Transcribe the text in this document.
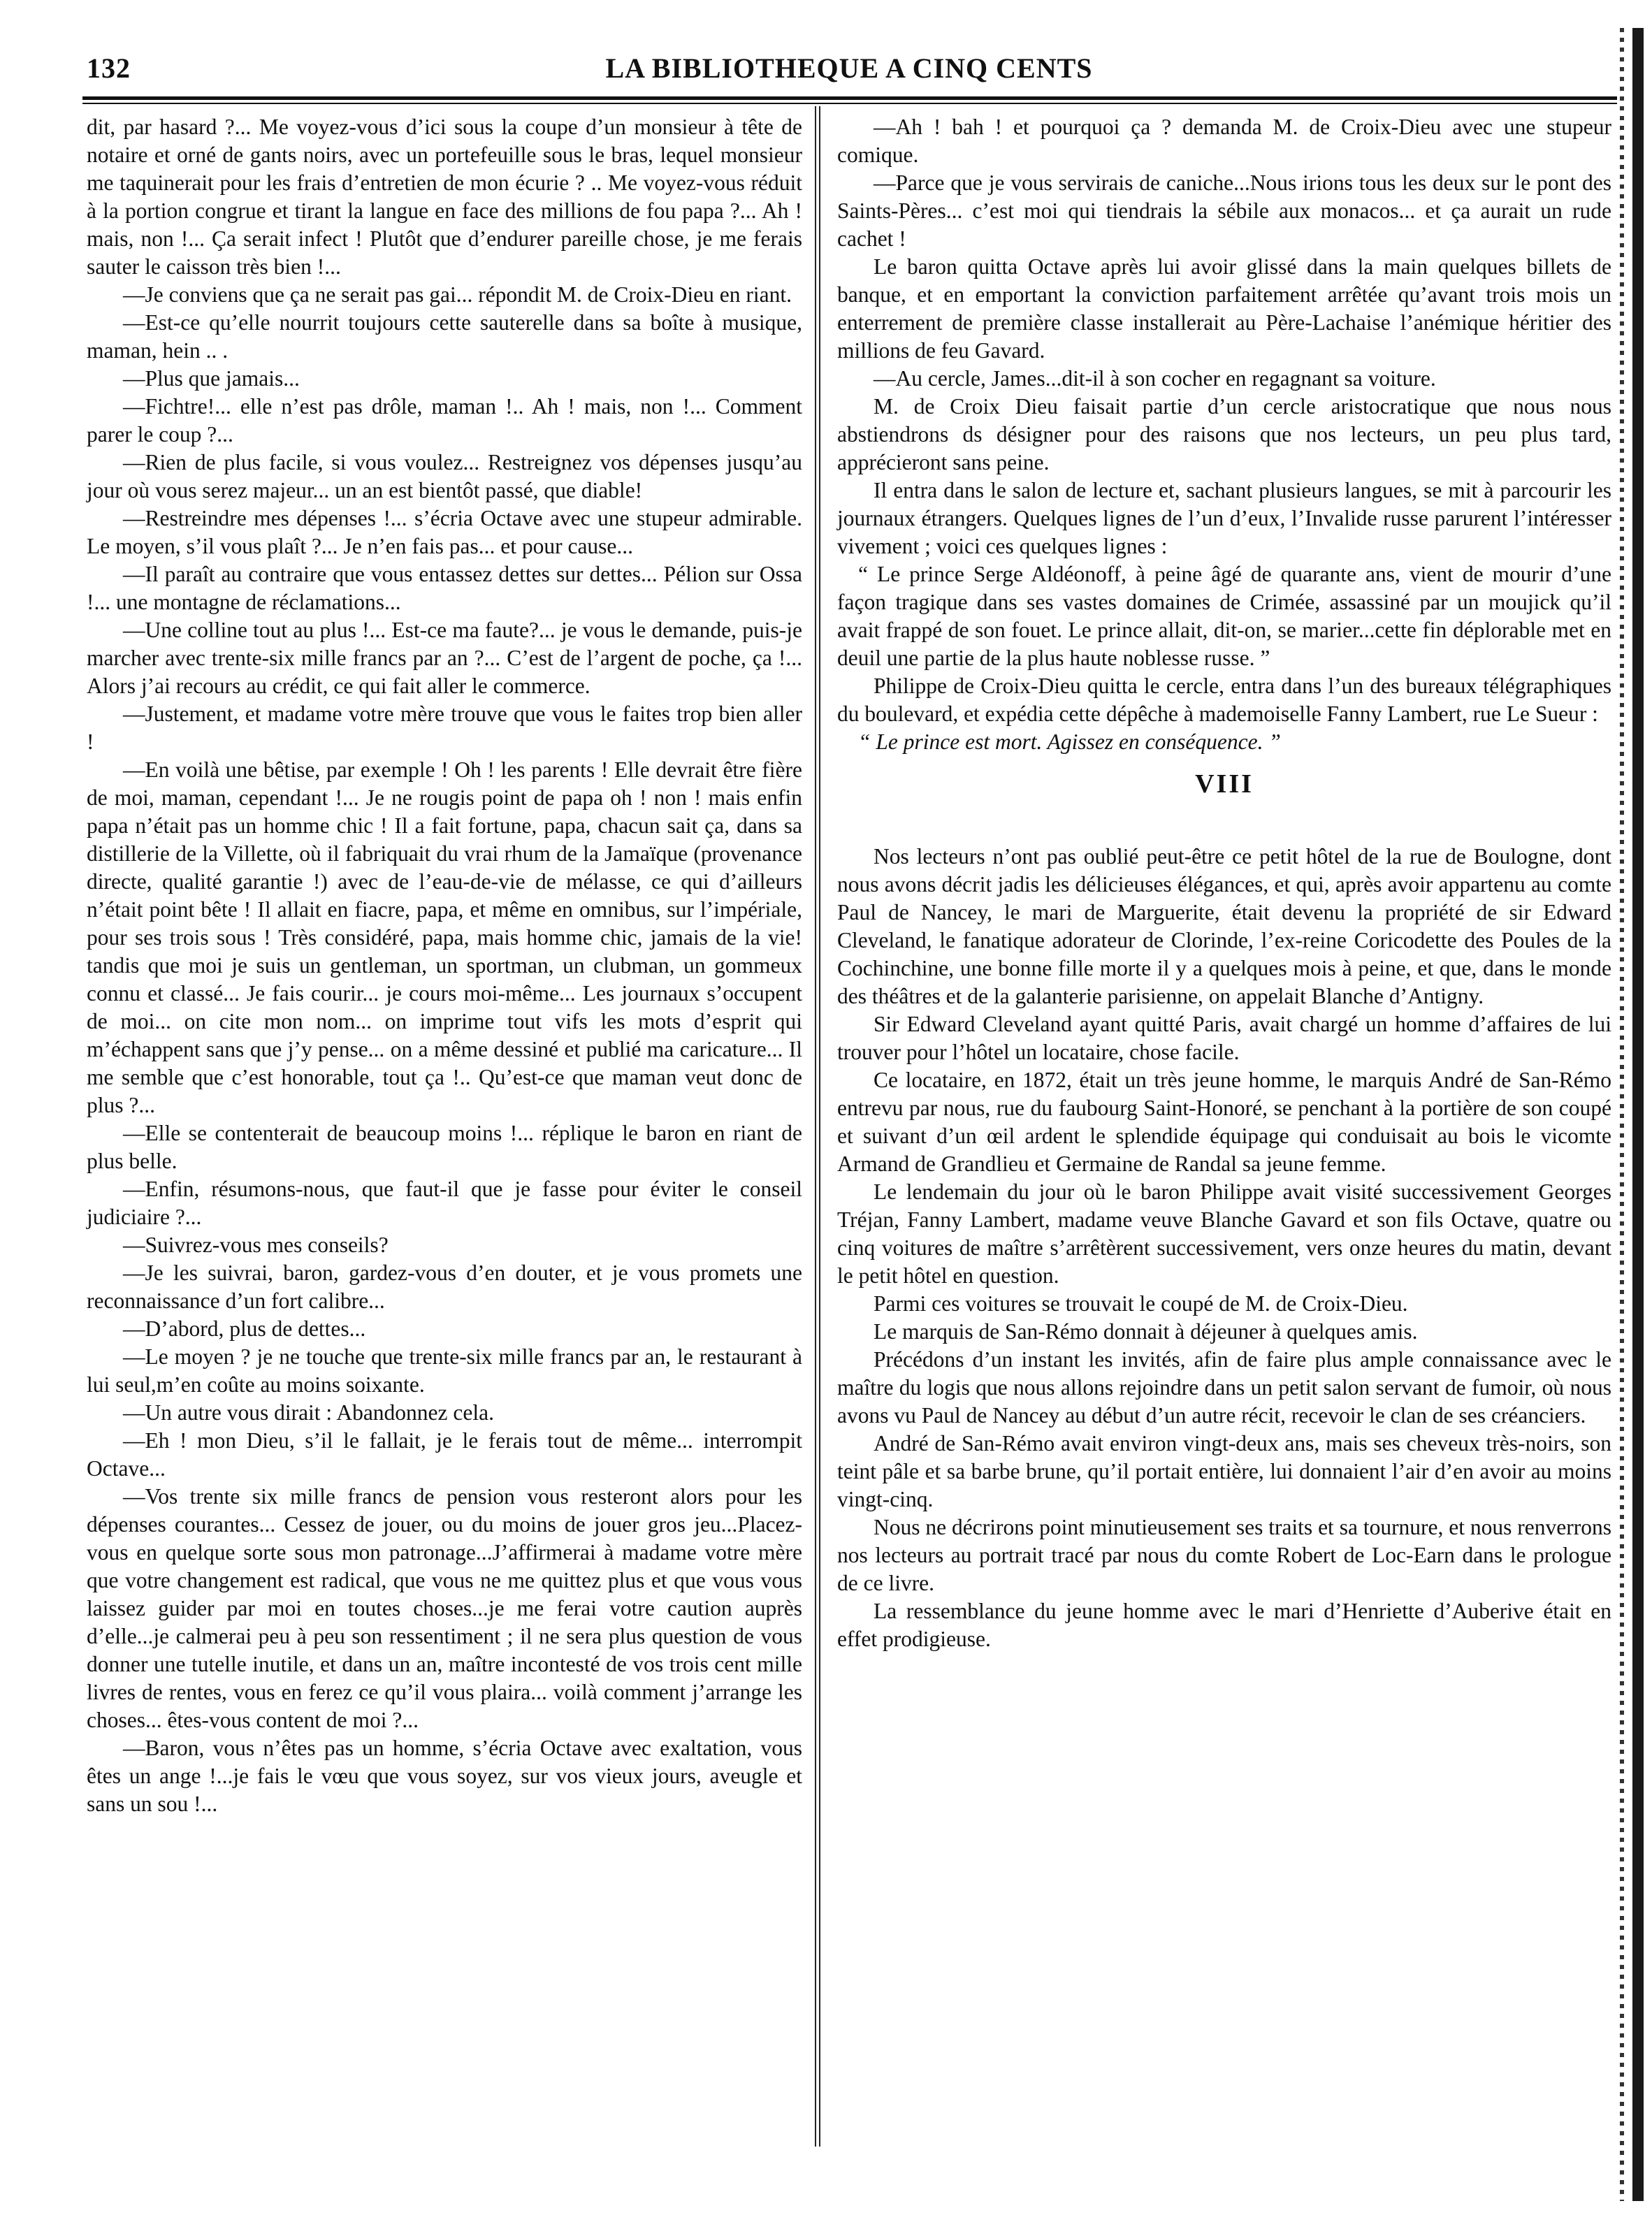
132	LA BIBLIOTHEQUE A CINQ CENTS

dit, par hasard ?... Me voyez-vous d’ici sous la coupe d’un monsieur à tête de notaire et orné de gants noirs, avec un portefeuille sous le bras, lequel monsieur me taquinerait pour les frais d’entretien de mon écurie ? .. Me voyez-vous réduit à la portion congrue et tirant la langue en face des millions de fou papa ?... Ah ! mais, non !... Ça serait infect ! Plutôt que d’endurer pareille chose, je me ferais sauter le caisson très bien !...

—Je conviens que ça ne serait pas gai... répondit M. de Croix-Dieu en riant.

—Est-ce qu’elle nourrit toujours cette sauterelle dans sa boîte à musique, maman, hein .. .

—Plus que jamais...

—Fichtre!... elle n’est pas drôle, maman !.. Ah ! mais, non !... Comment parer le coup ?...

—Rien de plus facile, si vous voulez... Restreignez vos dépenses jusqu’au jour où vous serez majeur... un an est bientôt passé, que diable!

—Restreindre mes dépenses !... s’écria Octave avec une stupeur admirable. Le moyen, s’il vous plaît ?... Je n’en fais pas... et pour cause...

—Il paraît au contraire que vous entassez dettes sur dettes... Pélion sur Ossa !... une montagne de réclamations...

—Une colline tout au plus !... Est-ce ma faute?... je vous le demande, puis-je marcher avec trente-six mille francs par an ?... C’est de l’argent de poche, ça !... Alors j’ai recours au crédit, ce qui fait aller le commerce.

—Justement, et madame votre mère trouve que vous le faites trop bien aller !

—En voilà une bêtise, par exemple ! Oh ! les parents ! Elle devrait être fière de moi, maman, cependant !... Je ne rougis point de papa oh ! non ! mais enfin papa n’était pas un homme chic ! Il a fait fortune, papa, chacun sait ça, dans sa distillerie de la Villette, où il fabriquait du vrai rhum de la Jamaïque (provenance directe, qualité garantie !) avec de l’eau-de-vie de mélasse, ce qui d’ailleurs n’était point bête ! Il allait en fiacre, papa, et même en omnibus, sur l’impériale, pour ses trois sous ! Très considéré, papa, mais homme chic, jamais de la vie! tandis que moi je suis un gentleman, un sportman, un clubman, un gommeux connu et classé... Je fais courir... je cours moi-même... Les journaux s’occupent de moi... on cite mon nom... on imprime tout vifs les mots d’esprit qui m’échappent sans que j’y pense... on a même dessiné et publié ma caricature... Il me semble que c’est honorable, tout ça !.. Qu’est-ce que maman veut donc de plus ?...

—Elle se contenterait de beaucoup moins !... réplique le baron en riant de plus belle.

—Enfin, résumons-nous, que faut-il que je fasse pour éviter le conseil judiciaire ?...

—Suivrez-vous mes conseils?

—Je les suivrai, baron, gardez-vous d’en douter, et je vous promets une reconnaissance d’un fort calibre...

—D’abord, plus de dettes...

—Le moyen ? je ne touche que trente-six mille francs par an, le restaurant à lui seul,m’en coûte au moins soixante.

—Un autre vous dirait : Abandonnez cela.

—Eh ! mon Dieu, s’il le fallait, je le ferais tout de même... interrompit Octave...

—Vos trente six mille francs de pension vous resteront alors pour les dépenses courantes... Cessez de jouer, ou du moins de jouer gros jeu...Placez-vous en quelque sorte sous mon patronage...J’affirmerai à madame votre mère que votre changement est radical, que vous ne me quittez plus et que vous vous laissez guider par moi en toutes choses...je me ferai votre caution auprès d’elle...je calmerai peu à peu son ressentiment ; il ne sera plus question de vous donner une tutelle inutile, et dans un an, maître incontesté de vos trois cent mille livres de rentes, vous en ferez ce qu’il vous plaira... voilà comment j’arrange les choses... êtes-vous content de moi ?...

—Baron, vous n’êtes pas un homme, s’écria Octave avec exaltation, vous êtes un ange !...je fais le vœu que vous soyez, sur vos vieux jours, aveugle et sans un sou !...

—Ah ! bah ! et pourquoi ça ? demanda M. de Croix-Dieu avec une stupeur comique.

—Parce que je vous servirais de caniche...Nous irions tous les deux sur le pont des Saints-Pères... c’est moi qui tiendrais la sébile aux monacos... et ça aurait un rude cachet !

Le baron quitta Octave après lui avoir glissé dans la main quelques billets de banque, et en emportant la conviction parfaitement arrêtée qu’avant trois mois un enterrement de première classe installerait au Père-Lachaise l’anémique héritier des millions de feu Gavard.

—Au cercle, James...dit-il à son cocher en regagnant sa voiture.

M. de Croix Dieu faisait partie d’un cercle aristocratique que nous nous abstiendrons ds désigner pour des raisons que nos lecteurs, un peu plus tard, apprécieront sans peine.

Il entra dans le salon de lecture et, sachant plusieurs langues, se mit à parcourir les journaux étrangers. Quelques lignes de l’un d’eux, l’Invalide russe parurent l’intéresser vivement ; voici ces quelques lignes :

“ Le prince Serge Aldéonoff, à peine âgé de quarante ans, vient de mourir d’une façon tragique dans ses vastes domaines de Crimée, assassiné par un moujick qu’il avait frappé de son fouet. Le prince allait, dit-on, se marier...cette fin déplorable met en deuil une partie de la plus haute noblesse russe. ”

Philippe de Croix-Dieu quitta le cercle, entra dans l’un des bureaux télégraphiques du boulevard, et expédia cette dépêche à mademoiselle Fanny Lambert, rue Le Sueur :

“ Le prince est mort. Agissez en conséquence. ”

VIII

Nos lecteurs n’ont pas oublié peut-être ce petit hôtel de la rue de Boulogne, dont nous avons décrit jadis les délicieuses élégances, et qui, après avoir appartenu au comte Paul de Nancey, le mari de Marguerite, était devenu la propriété de sir Edward Cleveland, le fanatique adorateur de Clorinde, l’ex-reine Coricodette des Poules de la Cochinchine, une bonne fille morte il y a quelques mois à peine, et que, dans le monde des théâtres et de la galanterie parisienne, on appelait Blanche d’Antigny.

Sir Edward Cleveland ayant quitté Paris, avait chargé un homme d’affaires de lui trouver pour l’hôtel un locataire, chose facile.

Ce locataire, en 1872, était un très jeune homme, le marquis André de San-Rémo entrevu par nous, rue du faubourg Saint-Honoré, se penchant à la portière de son coupé et suivant d’un œil ardent le splendide équipage qui conduisait au bois le vicomte Armand de Grandlieu et Germaine de Randal sa jeune femme.

Le lendemain du jour où le baron Philippe avait visité successivement Georges Tréjan, Fanny Lambert, madame veuve Blanche Gavard et son fils Octave, quatre ou cinq voitures de maître s’arrêtèrent successivement, vers onze heures du matin, devant le petit hôtel en question.

Parmi ces voitures se trouvait le coupé de M. de Croix-Dieu.

Le marquis de San-Rémo donnait à déjeuner à quelques amis.

Précédons d’un instant les invités, afin de faire plus ample connaissance avec le maître du logis que nous allons rejoindre dans un petit salon servant de fumoir, où nous avons vu Paul de Nancey au début d’un autre récit, recevoir le clan de ses créanciers.

André de San-Rémo avait environ vingt-deux ans, mais ses cheveux très-noirs, son teint pâle et sa barbe brune, qu’il portait entière, lui donnaient l’air d’en avoir au moins vingt-cinq.

Nous ne décrirons point minutieusement ses traits et sa tournure, et nous renverrons nos lecteurs au portrait tracé par nous du comte Robert de Loc-Earn dans le prologue de ce livre.

La ressemblance du jeune homme avec le mari d’Henriette d’Auberive était en effet prodigieuse.
